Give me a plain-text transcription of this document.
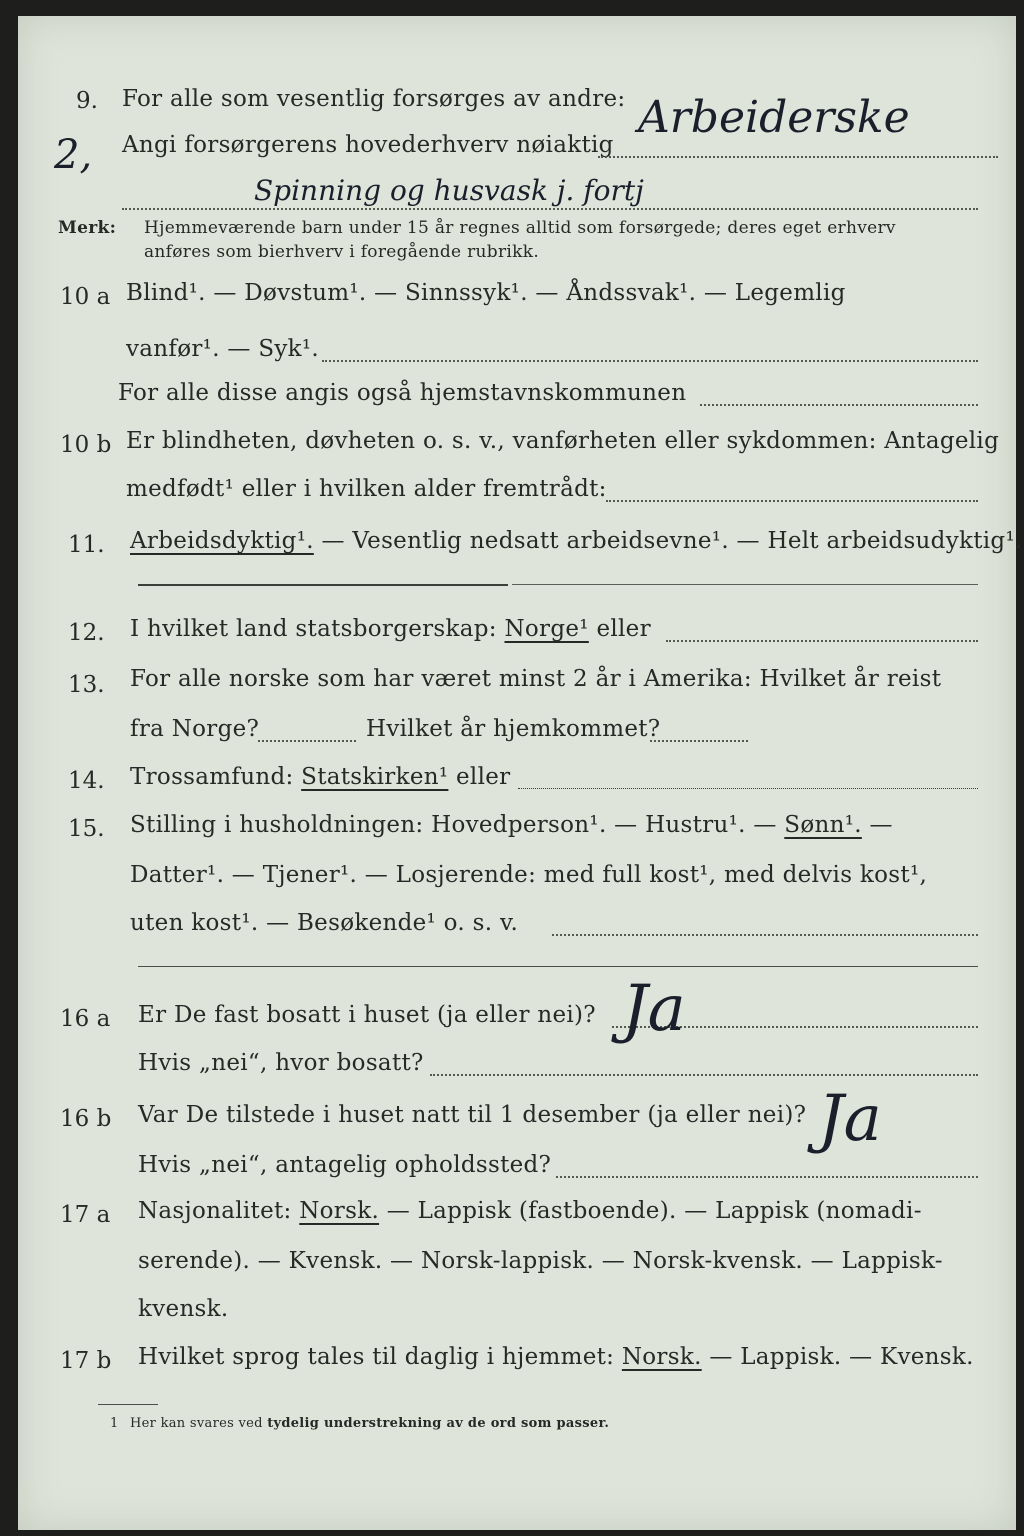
9. For alle som vesentlig forsørges av andre: Arbeiderske
2, Angi forsørgerens hovederhverv nøiaktig
Spinning og husvask j. fortj
Merk: Hjemmeværende barn under 15 år regnes alltid som forsørgede; deres eget erhverv
anføres som bierhverv i foregående rubrikk.
10 a Blind¹. — Døvstum¹. — Sinnssyk¹. — Åndssvak¹. — Legemlig
vanfør¹. — Syk¹.
For alle disse angis også hjemstavnskommunen
10 b Er blindheten, døvheten o. s. v., vanførheten eller sykdommen: Antagelig
medfødt¹ eller i hvilken alder fremtrådt:
11. Arbeidsdyktig¹. — Vesentlig nedsatt arbeidsevne¹. — Helt arbeidsudyktig¹.
12. I hvilket land statsborgerskap: Norge¹ eller
13. For alle norske som har været minst 2 år i Amerika: Hvilket år reist
fra Norge?	Hvilket år hjemkommet?
14. Trossamfund: Statskirken¹ eller
15. Stilling i husholdningen: Hovedperson¹. — Hustru¹. — Sønn¹. —
Datter¹. — Tjener¹. — Losjerende: med full kost¹, med delvis kost¹,
uten kost¹. — Besøkende¹ o. s. v.
16 a Er De fast bosatt i huset (ja eller nei)? Ja
Hvis „nei“, hvor bosatt?
16 b Var De tilstede i huset natt til 1 desember (ja eller nei)? Ja
Hvis „nei“, antagelig opholdssted?
17 a Nasjonalitet: Norsk. — Lappisk (fastboende). — Lappisk (nomadi-
serende). — Kvensk. — Norsk-lappisk. — Norsk-kvensk. — Lappisk-
kvensk.
17 b Hvilket sprog tales til daglig i hjemmet: Norsk. — Lappisk. — Kvensk.
1 Her kan svares ved tydelig understrekning av de ord som passer.
